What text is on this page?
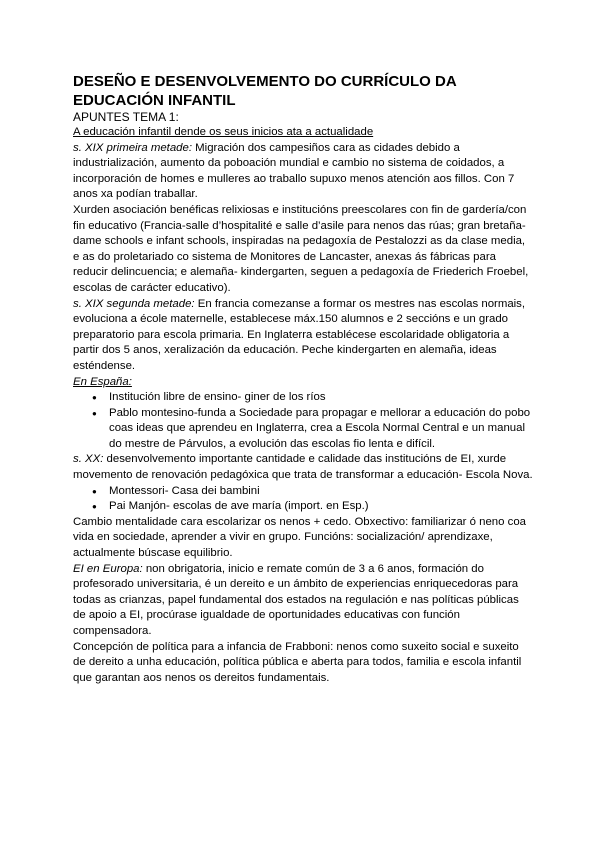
DESEÑO E DESENVOLVEMENTO DO CURRÍCULO DA EDUCACIÓN INFANTIL

APUNTES TEMA 1:

A educación infantil dende os seus inicios ata a actualidade

s. XIX primeira metade: Migración dos campesiños cara as cidades debido a industrialización, aumento da poboación mundial e cambio no sistema de coidados, a incorporación de homes e mulleres ao traballo supuxo menos atención aos fillos. Con 7 anos xa podían traballar.

Xurden asociación benéficas relixiosas e institucións preescolares con fin de gardería/con fin educativo (Francia-salle d’hospitalité e salle d’asile para nenos das rúas; gran bretaña-dame schools e infant schools, inspiradas na pedagoxía de Pestalozzi as da clase media, e as do proletariado co sistema de Monitores de Lancaster, anexas ás fábricas para reducir delincuencia; e alemaña- kindergarten, seguen a pedagoxía de Friederich Froebel, escolas de carácter educativo).

s. XIX segunda metade: En francia comezanse a formar os mestres nas escolas normais, evoluciona a école maternelle, establecese máx.150 alumnos e 2 seccións e un grado preparatorio para escola primaria. En Inglaterra establécese escolaridade obligatoria a partir dos 5 anos, xeralización da educación. Peche kindergarten en alemaña, ideas esténdense.

En España:

● Institución libre de ensino- giner de los ríos
● Pablo montesino-funda a Sociedade para propagar e mellorar a educación do pobo coas ideas que aprendeu en Inglaterra, crea a Escola Normal Central e un manual do mestre de Párvulos, a evolución das escolas fio lenta e difícil.

s. XX: desenvolvemento importante cantidade e calidade das institucións de EI, xurde movemento de renovación pedagóxica que trata de transformar a educación- Escola Nova.

● Montessori- Casa dei bambini
● Pai Manjón- escolas de ave maría (import. en Esp.)

Cambio mentalidade cara escolarizar os nenos + cedo. Obxectivo: familiarizar ó neno coa vida en sociedade, aprender a vivir en grupo. Funcións: socialización/ aprendizaxe, actualmente búscase equilibrio.

EI en Europa: non obrigatoria, inicio e remate común de 3 a 6 anos, formación do profesorado universitaria, é un dereito e un ámbito de experiencias enriquecedoras para todas as crianzas, papel fundamental dos estados na regulación e nas políticas públicas de apoio a EI, procúrase igualdade de oportunidades educativas con función compensadora.

Concepción de política para a infancia de Frabboni: nenos como suxeito social e suxeito de dereito a unha educación, política pública e aberta para todos, familia e escola infantil que garantan aos nenos os dereitos fundamentais.
